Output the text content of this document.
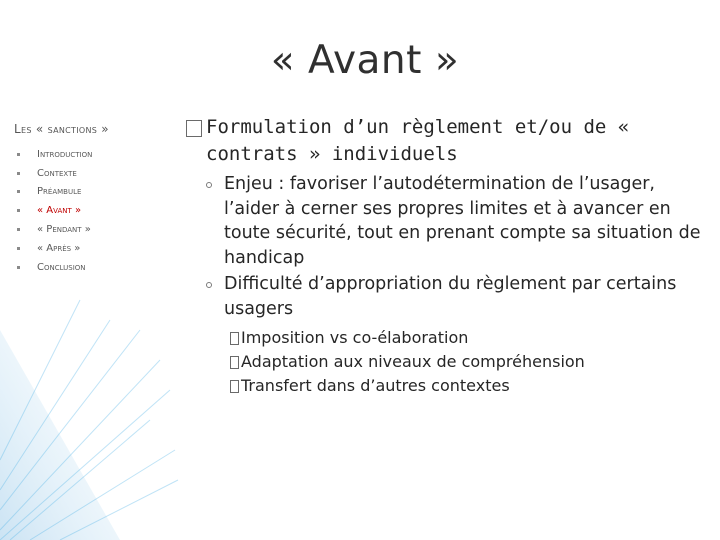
« Avant »
Les « sanctions »
Introduction
Contexte
Préambule
« Avant »
« Pendant »
« Après »
Conclusion
Formulation d’un règlement et/ou de « contrats » individuels
Enjeu : favoriser l’autodétermination de l’usager, l’aider à cerner ses propres limites et à avancer en toute sécurité, tout en prenant compte sa situation de handicap
Difficulté d’appropriation du règlement par certains usagers
Imposition vs co-élaboration
Adaptation aux niveaux de compréhension
Transfert dans d’autres contextes
